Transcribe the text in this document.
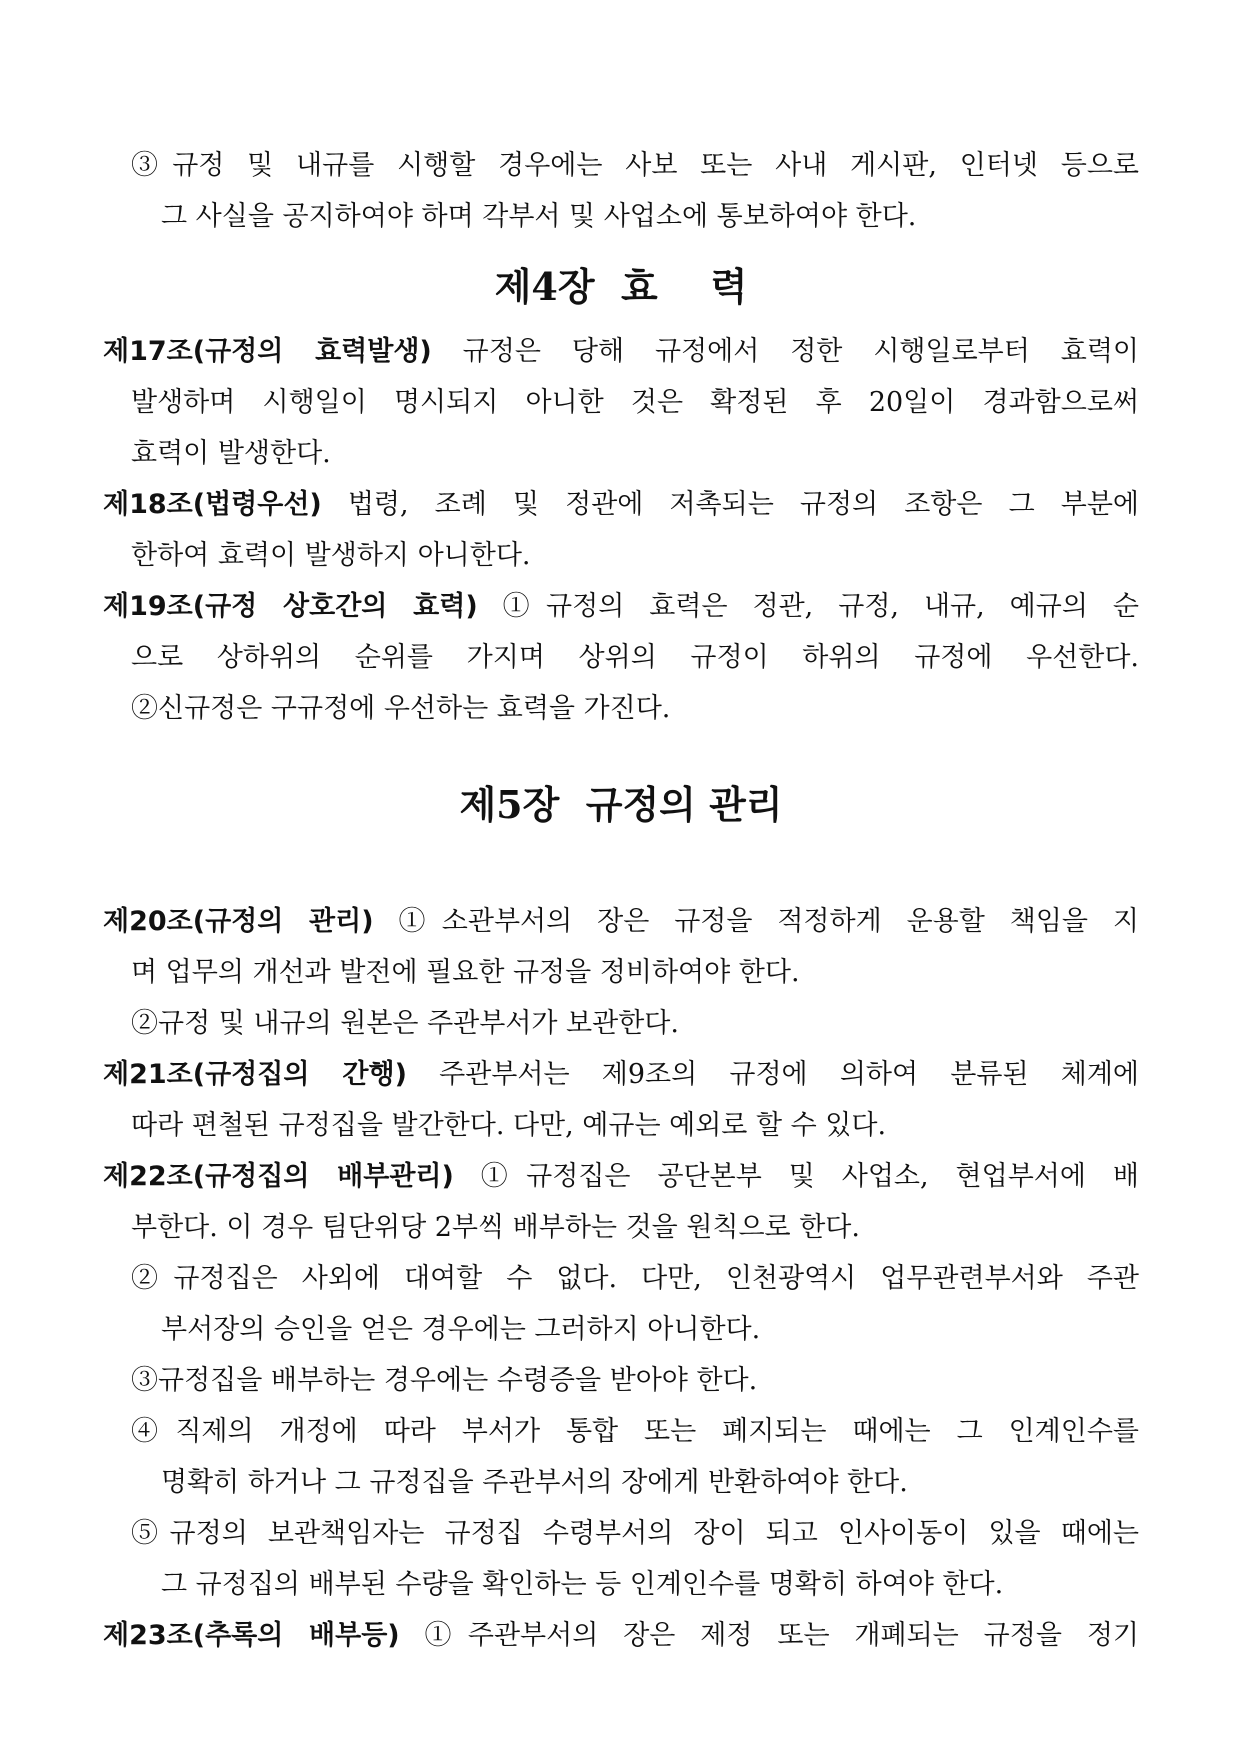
③규정 및 내규를 시행할 경우에는 사보 또는 사내 게시판, 인터넷 등으로
그 사실을 공지하여야 하며 각부서 및 사업소에 통보하여야 한다.
제4장  효    력
제17조(규정의 효력발생) 규정은 당해 규정에서 정한 시행일로부터 효력이
발생하며 시행일이 명시되지 아니한 것은 확정된 후 20일이 경과함으로써
효력이 발생한다.
제18조(법령우선) 법령, 조례 및 정관에 저촉되는 규정의 조항은 그 부분에
한하여 효력이 발생하지 아니한다.
제19조(규정 상호간의 효력) ①규정의 효력은 정관, 규정, 내규, 예규의 순
으로 상하위의 순위를 가지며 상위의 규정이 하위의 규정에 우선한다.
②신규정은 구규정에 우선하는 효력을 가진다.
제5장  규정의 관리
제20조(규정의 관리) ①소관부서의 장은 규정을 적정하게 운용할 책임을 지
며 업무의 개선과 발전에 필요한 규정을 정비하여야 한다.
②규정 및 내규의 원본은 주관부서가 보관한다.
제21조(규정집의 간행) 주관부서는 제9조의 규정에 의하여 분류된 체계에
따라 편철된 규정집을 발간한다. 다만, 예규는 예외로 할 수 있다.
제22조(규정집의 배부관리) ①규정집은 공단본부 및 사업소, 현업부서에 배
부한다. 이 경우 팀단위당 2부씩 배부하는 것을 원칙으로 한다.
②규정집은 사외에 대여할 수 없다. 다만, 인천광역시 업무관련부서와 주관
부서장의 승인을 얻은 경우에는 그러하지 아니한다.
③규정집을 배부하는 경우에는 수령증을 받아야 한다.
④직제의 개정에 따라 부서가 통합 또는 폐지되는 때에는 그 인계인수를
명확히 하거나 그 규정집을 주관부서의 장에게 반환하여야 한다.
⑤규정의 보관책임자는 규정집 수령부서의 장이 되고 인사이동이 있을 때에는
그 규정집의 배부된 수량을 확인하는 등 인계인수를 명확히 하여야 한다.
제23조(추록의 배부등) ①주관부서의 장은 제정 또는 개폐되는 규정을 정기
